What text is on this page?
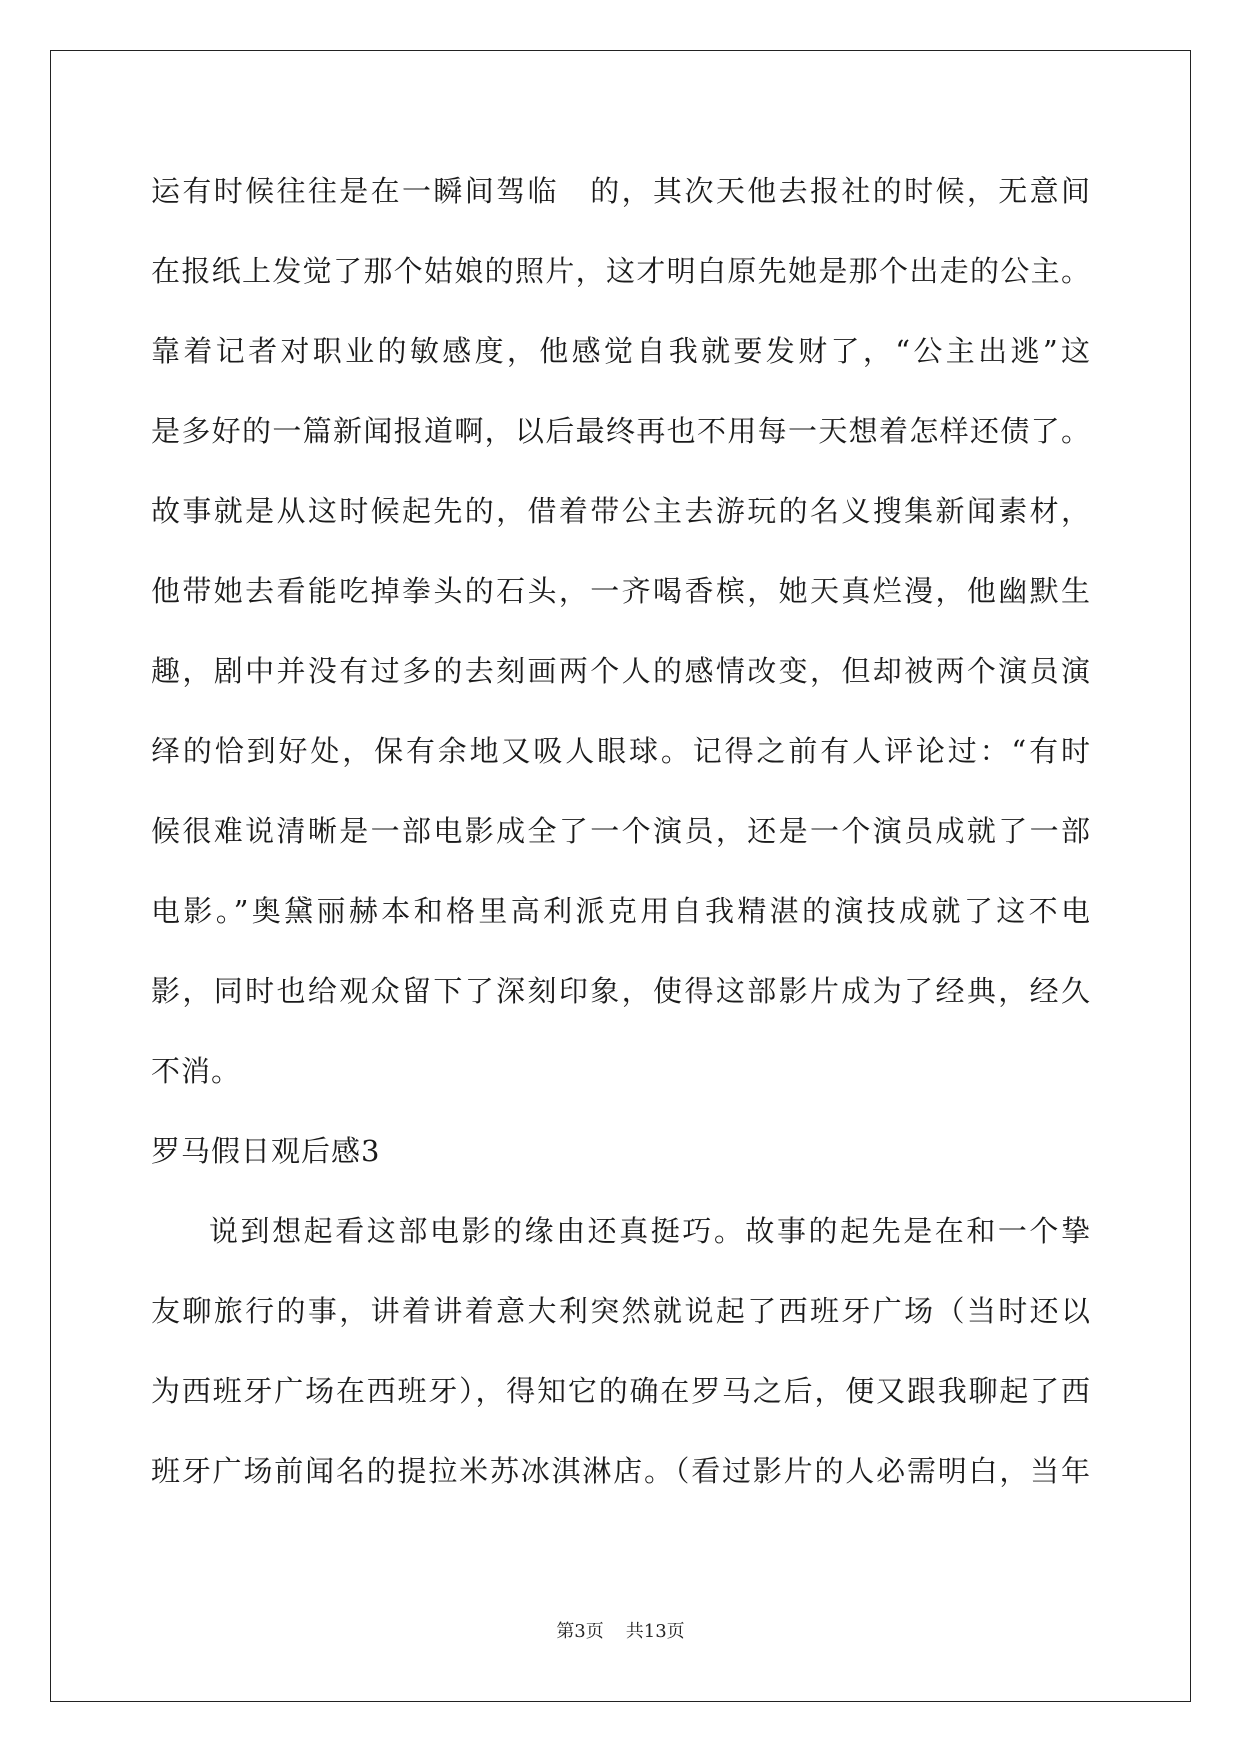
运有时候往往是在一瞬间驾临　的，其次天他去报社的时候，无意间
在报纸上发觉了那个姑娘的照片，这才明白原先她是那个出走的公主。
靠着记者对职业的敏感度，他感觉自我就要发财了，“公主出逃”这
是多好的一篇新闻报道啊，以后最终再也不用每一天想着怎样还债了。
故事就是从这时候起先的，借着带公主去游玩的名义搜集新闻素材，
他带她去看能吃掉拳头的石头，一齐喝香槟，她天真烂漫，他幽默生
趣，剧中并没有过多的去刻画两个人的感情改变，但却被两个演员演
绎的恰到好处，保有余地又吸人眼球。记得之前有人评论过：“有时
候很难说清晰是一部电影成全了一个演员，还是一个演员成就了一部
电影。”奥黛丽赫本和格里高利派克用自我精湛的演技成就了这不电
影，同时也给观众留下了深刻印象，使得这部影片成为了经典，经久
不消。
罗马假日观后感3
说到想起看这部电影的缘由还真挺巧。故事的起先是在和一个挚
友聊旅行的事，讲着讲着意大利突然就说起了西班牙广场（当时还以
为西班牙广场在西班牙），得知它的确在罗马之后，便又跟我聊起了西
班牙广场前闻名的提拉米苏冰淇淋店。（看过影片的人必需明白，当年
第3页 共13页
